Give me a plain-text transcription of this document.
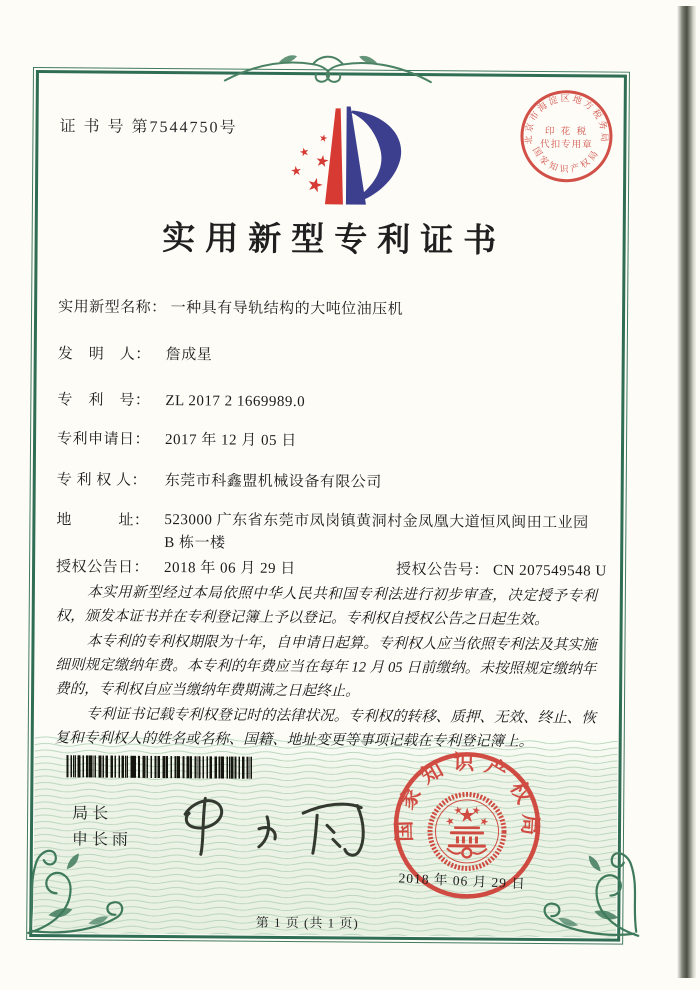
证 书 号 第7544750号
北京市海淀区地方税务局
国家知识产权局
印 花 税
代扣专用章
实用新型专利证书
实用新型名称： 一种具有导轨结构的大吨位油压机
发　明　人： 詹成星
专　利　号： ZL 2017 2 1669989.0
专利申请日： 2017 年 12 月 05 日
专 利 权 人： 东莞市科鑫盟机械设备有限公司
地　　　址： 523000 广东省东莞市凤岗镇黄洞村金凤凰大道恒风闽田工业园 B 栋一楼
授权公告日： 2018 年 06 月 29 日	授权公告号： CN 207549548 U

本实用新型经过本局依照中华人民共和国专利法进行初步审查，决定授予专利权，颁发本证书并在专利登记簿上予以登记。专利权自授权公告之日起生效。

本专利的专利权期限为十年，自申请日起算。专利权人应当依照专利法及其实施细则规定缴纳年费。本专利的年费应当在每年 12 月 05 日前缴纳。未按照规定缴纳年费的，专利权自应当缴纳年费期满之日起终止。

专利证书记载专利权登记时的法律状况。专利权的转移、质押、无效、终止、恢复和专利权人的姓名或名称、国籍、地址变更等事项记载在专利登记簿上。

局长
申长雨	国家知识产权局
2018 年 06 月 29 日
第 1 页 (共 1 页)
